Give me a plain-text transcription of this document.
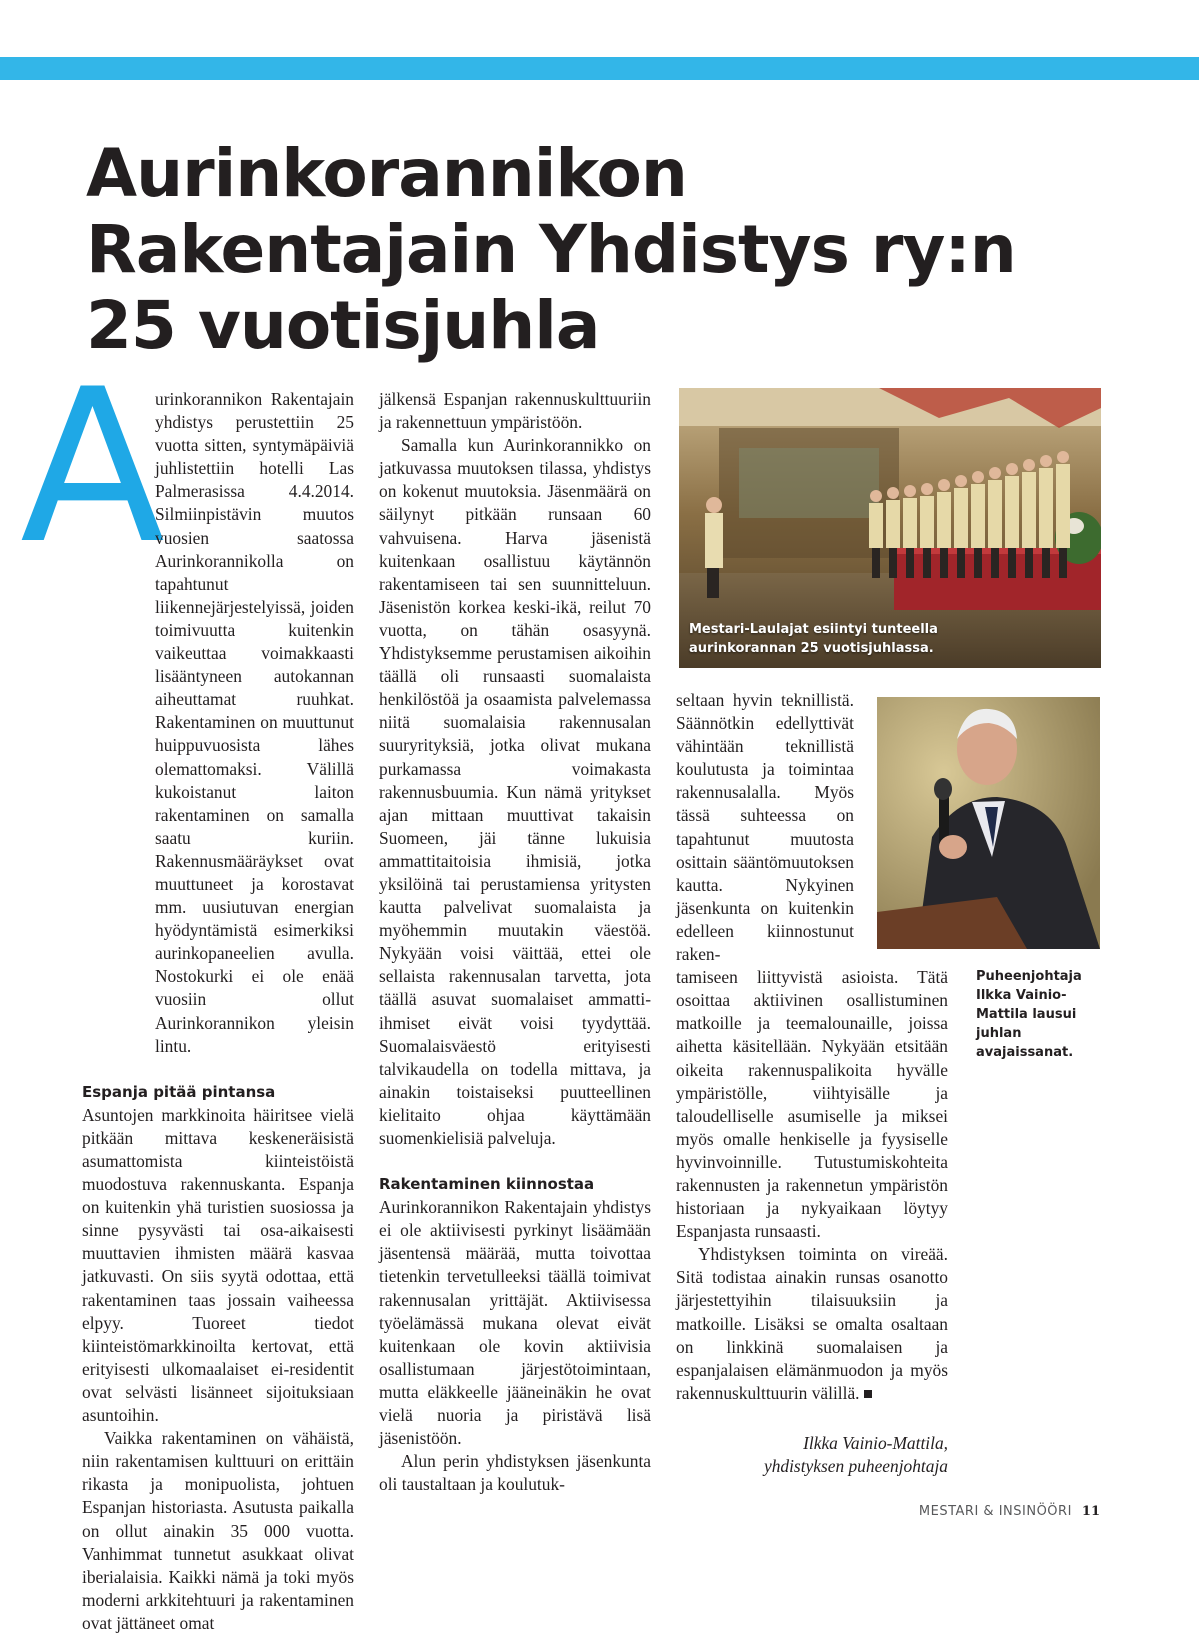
Aurinkorannikon Rakentajain Yhdistys ry:n 25 vuotisjuhla
A

urinkorannikon Rakentajain yhdistys perustettiin 25 vuotta sitten, syntymäpäiviä juhlistettiin hotelli Las Palmerasissa 4.4.2014. Silmiinpistävin muutos vuosien saatossa Aurinkorannikolla on tapahtunut liikennejärjestelyissä, joiden toimivuutta kuitenkin vaikeuttaa voimakkaasti lisääntyneen autokannan aiheuttamat ruuhkat. Rakentaminen on muuttunut huippuvuosista lähes olemattomaksi. Välillä kukoistanut laiton rakentaminen on samalla saatu kuriin. Rakennusmääräykset ovat muuttuneet ja korostavat mm. uusiutuvan energian hyödyntämistä esimerkiksi aurinkopaneelien avulla. Nostokurki ei ole enää vuosiin ollut Aurinkorannikon yleisin lintu.

Espanja pitää pintansa

Asuntojen markkinoita häiritsee vielä pitkään mittava keskeneräisistä asumattomista kiinteistöistä muodostuva rakennuskanta. Espanja on kuitenkin yhä turistien suosiossa ja sinne pysyvästi tai osa-aikaisesti muuttavien ihmisten määrä kasvaa jatkuvasti. On siis syytä odottaa, että rakentaminen taas jossain vaiheessa elpyy. Tuoreet tiedot kiinteistömarkkinoilta kertovat, että erityisesti ulkomaalaiset ei-residentit ovat selvästi lisänneet sijoituksiaan asuntoihin.

Vaikka rakentaminen on vähäistä, niin rakentamisen kulttuuri on erittäin rikasta ja monipuolista, johtuen Espanjan historiasta. Asutusta paikalla on ollut ainakin 35 000 vuotta. Vanhimmat tunnetut asukkaat olivat iberialaisia. Kaikki nämä ja toki myös moderni arkkitehtuuri ja rakentaminen ovat jättäneet omat

jälkensä Espanjan rakennuskulttuuriin ja rakennettuun ympäristöön.

Samalla kun Aurinkorannikko on jatkuvassa muutoksen tilassa, yhdistys on kokenut muutoksia. Jäsenmäärä on säilynyt pitkään runsaan 60 vahvuisena. Harva jäsenistä kuitenkaan osallistuu käytännön rakentamiseen tai sen suunnitteluun. Jäsenistön korkea keski-ikä, reilut 70 vuotta, on tähän osasyynä. Yhdistyksemme perustamisen aikoihin täällä oli runsaasti suomalaista henkilöstöä ja osaamista palvelemassa niitä suomalaisia rakennusalan suuryrityksiä, jotka olivat mukana purkamassa voimakasta rakennusbuumia. Kun nämä yritykset ajan mittaan muuttivat takaisin Suomeen, jäi tänne lukuisia ammattitaitoisia ihmisiä, jotka yksilöinä tai perustamiensa yritysten kautta palvelivat suomalaista ja myöhemmin muutakin väestöä. Nykyään voisi väittää, ettei ole sellaista rakennusalan tarvetta, jota täällä asuvat suomalaiset ammatti-ihmiset eivät voisi tyydyttää. Suomalaisväestö erityisesti talvikaudella on todella mittava, ja ainakin toistaiseksi puutteellinen kielitaito ohjaa käyttämään suomenkielisiä palveluja.

Rakentaminen kiinnostaa

Aurinkorannikon Rakentajain yhdistys ei ole aktiivisesti pyrkinyt lisäämään jäsentensä määrää, mutta toivottaa tietenkin tervetulleeksi täällä toimivat rakennusalan yrittäjät. Aktiivisessa työelämässä mukana olevat eivät kuitenkaan ole kovin aktiivisia osallistumaan järjestötoimintaan, mutta eläkkeelle jääneinäkin he ovat vielä nuoria ja piristävä lisä jäsenistöön.

Alun perin yhdistyksen jäsenkunta oli taustaltaan ja koulutuk-

Mestari-Laulajat esiintyi tunteella aurinkorannan 25 vuotisjuhlassa.
Puheenjohtaja Ilkka Vainio-Mattila lausui juhlan avajaissanat.

seltaan hyvin teknillistä. Säännötkin edellyttivät vähintään teknillistä koulutusta ja toimintaa rakennusalalla. Myös tässä suhteessa on tapahtunut muutosta osittain sääntömuutoksen kautta. Nykyinen jäsenkunta on kuitenkin edelleen kiinnostunut raken-

tamiseen liittyvistä asioista. Tätä osoittaa aktiivinen osallistuminen matkoille ja teemalounaille, joissa aihetta käsitellään. Nykyään etsitään oikeita rakennuspalikoita hyvälle ympäristölle, viihtyisälle ja taloudelliselle asumiselle ja miksei myös omalle henkiselle ja fyysiselle hyvinvoinnille. Tutustumiskohteita rakennusten ja rakennetun ympäristön historiaan ja nykyaikaan löytyy Espanjasta runsaasti.

Yhdistyksen toiminta on vireää. Sitä todistaa ainakin runsas osanotto järjestettyihin tilaisuuksiin ja matkoille. Lisäksi se omalta osaltaan on linkkinä suomalaisen ja espanjalaisen elämänmuodon ja myös rakennuskulttuurin välillä.

Ilkka Vainio-Mattila,
yhdistyksen puheenjohtaja
MESTARI & INSINÖÖRI 11
